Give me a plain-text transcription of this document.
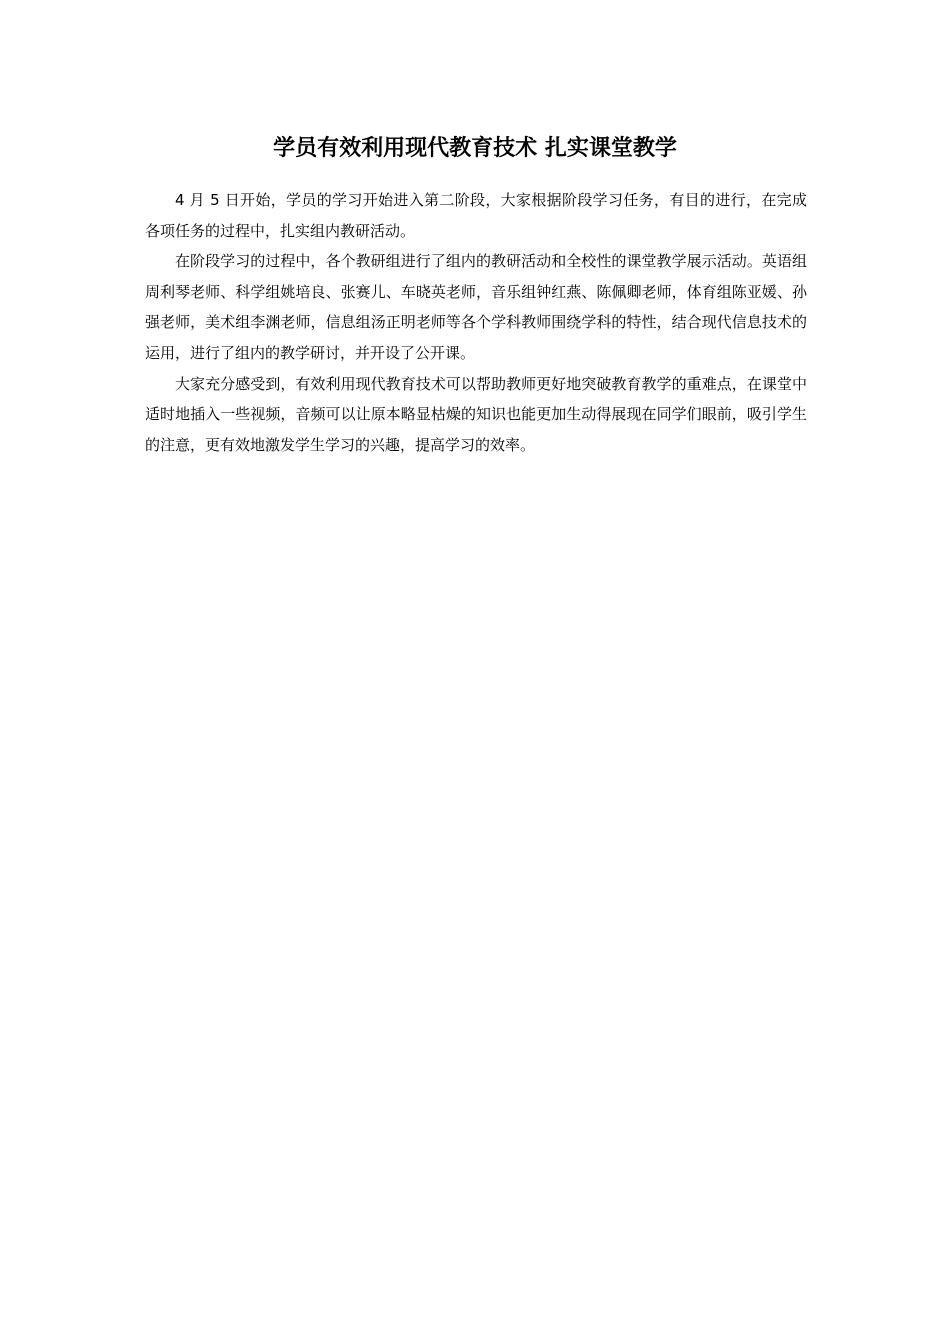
学员有效利用现代教育技术 扎实课堂教学

4 月 5 日开始，学员的学习开始进入第二阶段，大家根据阶段学习任务，有目的进行，在完成各项任务的过程中，扎实组内教研活动。

在阶段学习的过程中，各个教研组进行了组内的教研活动和全校性的课堂教学展示活动。英语组周利琴老师、科学组姚培良、张赛儿、车晓英老师，音乐组钟红燕、陈佩卿老师，体育组陈亚媛、孙强老师，美术组李渊老师，信息组汤正明老师等各个学科教师围绕学科的特性，结合现代信息技术的运用，进行了组内的教学研讨，并开设了公开课。

大家充分感受到，有效利用现代教育技术可以帮助教师更好地突破教育教学的重难点，在课堂中适时地插入一些视频，音频可以让原本略显枯燥的知识也能更加生动得展现在同学们眼前，吸引学生的注意，更有效地激发学生学习的兴趣，提高学习的效率。
